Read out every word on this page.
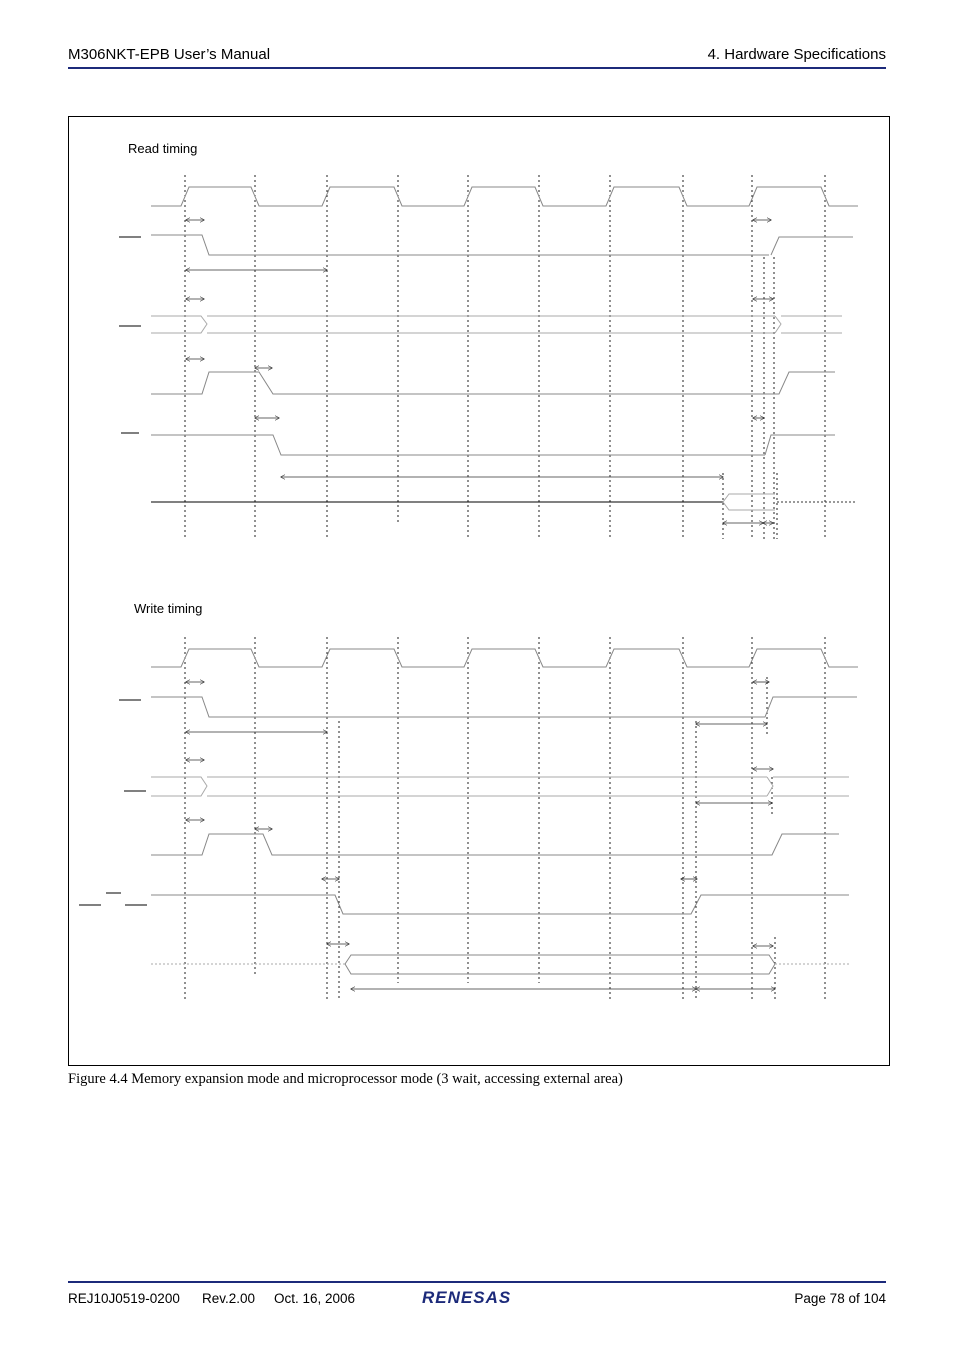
M306NKT-EPB User’s Manual	4. Hardware Specifications
Read timing
Write timing
Figure 4.4 Memory expansion mode and microprocessor mode (3 wait, accessing external area)
REJ10J0519-0200 Rev.2.00 Oct. 16, 2006	RENESAS	Page 78 of 104
